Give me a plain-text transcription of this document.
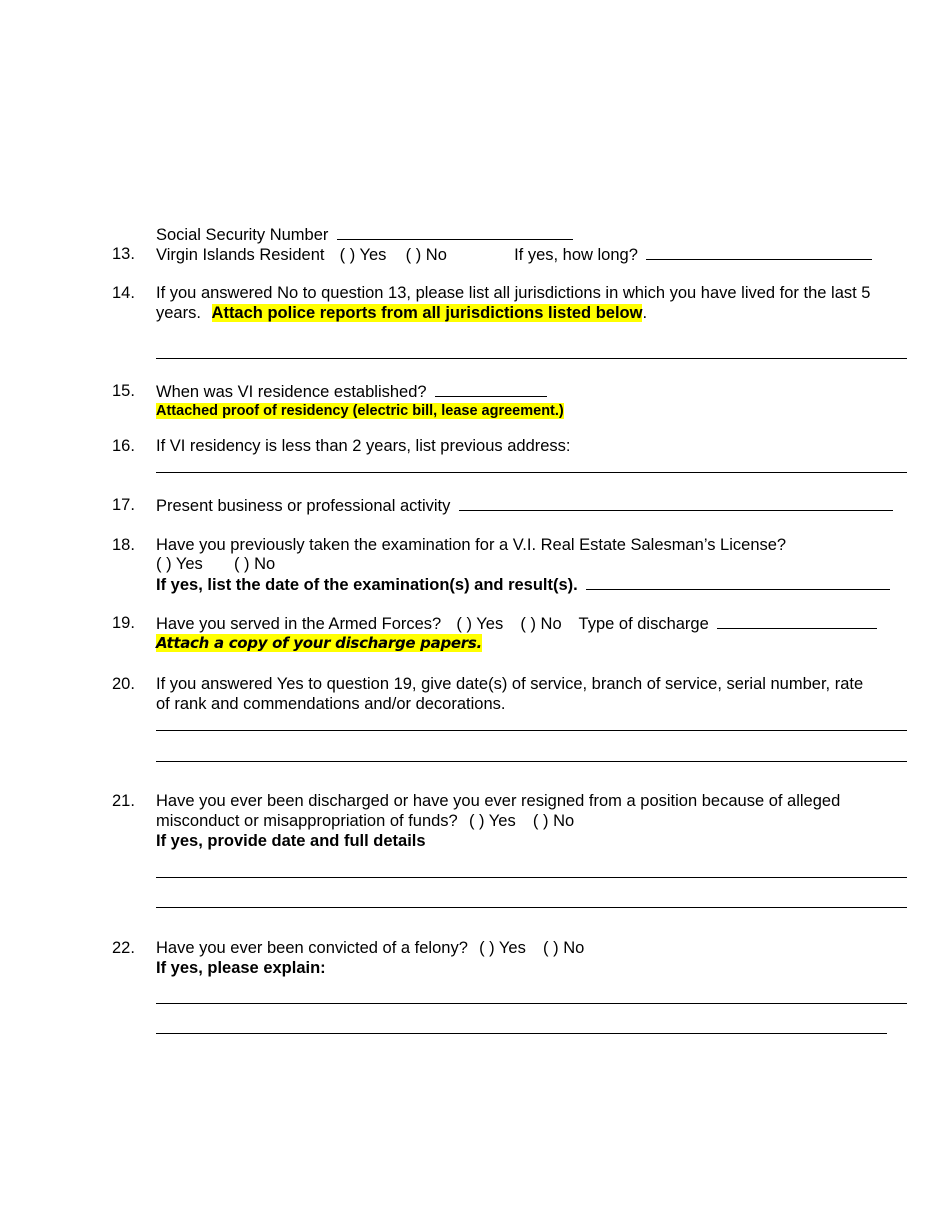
Social Security Number
13. Virgin Islands Resident ( ) Yes ( ) No	If yes, how long?
14. If you answered No to question 13, please list all jurisdictions in which you have lived for the last 5
years. Attach police reports from all jurisdictions listed below.
15. When was VI residence established?
Attached proof of residency (electric bill, lease agreement.)
16. If VI residency is less than 2 years, list previous address:
17. Present business or professional activity
18. Have you previously taken the examination for a V.I. Real Estate Salesman’s License?
( ) Yes ( ) No
If yes, list the date of the examination(s) and result(s).
19. Have you served in the Armed Forces? ( ) Yes ( ) No Type of discharge
Attach a copy of your discharge papers.
20. If you answered Yes to question 19, give date(s) of service, branch of service, serial number, rate
of rank and commendations and/or decorations.
21. Have you ever been discharged or have you ever resigned from a position because of alleged
misconduct or misappropriation of funds? ( ) Yes ( ) No
If yes, provide date and full details
22. Have you ever been convicted of a felony? ( ) Yes ( ) No
If yes, please explain:
